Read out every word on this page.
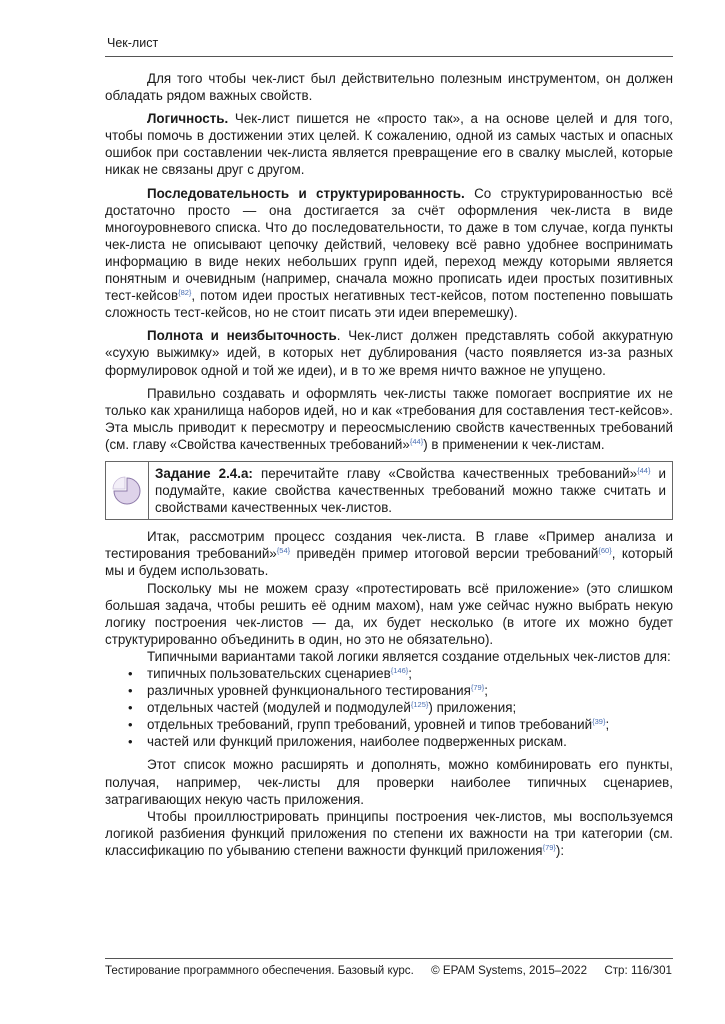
Чек-лист

Для того чтобы чек-лист был действительно полезным инструментом, он должен обладать рядом важных свойств.

Логичность. Чек-лист пишется не «просто так», а на основе целей и для того, чтобы помочь в достижении этих целей. К сожалению, одной из самых частых и опасных ошибок при составлении чек-листа является превращение его в свалку мыслей, которые никак не связаны друг с другом.

Последовательность и структурированность. Со структурированностью всё достаточно просто — она достигается за счёт оформления чек-листа в виде многоуровневого списка. Что до последовательности, то даже в том случае, когда пункты чек-листа не описывают цепочку действий, человеку всё равно удобнее воспринимать информацию в виде неких небольших групп идей, переход между которыми является понятным и очевидным (например, сначала можно прописать идеи простых позитивных тест-кейсов$^{\{82\}}$, потом идеи простых негативных тест-кейсов, потом постепенно повышать сложность тест-кейсов, но не стоит писать эти идеи вперемешку).

Полнота и неизбыточность. Чек-лист должен представлять собой аккуратную «сухую выжимку» идей, в которых нет дублирования (часто появляется из-за разных формулировок одной и той же идеи), и в то же время ничто важное не упущено.

Правильно создавать и оформлять чек-листы также помогает восприятие их не только как хранилища наборов идей, но и как «требования для составления тест-кейсов». Эта мысль приводит к пересмотру и переосмыслению свойств качественных требований (см. главу «Свойства качественных требований»$^{\{44\}}$) в применении к чек-листам.

Задание 2.4.a: перечитайте главу «Свойства качественных требований»$^{\{44\}}$ и подумайте, какие свойства качественных требований можно также считать и свойствами качественных чек-листов.

Итак, рассмотрим процесс создания чек-листа. В главе «Пример анализа и тестирования требований»$^{\{54\}}$ приведён пример итоговой версии требований$^{\{60\}}$, который мы и будем использовать.

Поскольку мы не можем сразу «протестировать всё приложение» (это слишком большая задача, чтобы решить её одним махом), нам уже сейчас нужно выбрать некую логику построения чек-листов — да, их будет несколько (в итоге их можно будет структурированно объединить в один, но это не обязательно).

Типичными вариантами такой логики является создание отдельных чек-листов для:

• типичных пользовательских сценариев$^{\{146\}}$;
• различных уровней функционального тестирования$^{\{79\}}$;
• отдельных частей (модулей и подмодулей$^{\{125\}}$) приложения;
• отдельных требований, групп требований, уровней и типов требований$^{\{39\}}$;
• частей или функций приложения, наиболее подверженных рискам.

Этот список можно расширять и дополнять, можно комбинировать его пункты, получая, например, чек-листы для проверки наиболее типичных сценариев, затрагивающих некую часть приложения.

Чтобы проиллюстрировать принципы построения чек-листов, мы воспользуемся логикой разбиения функций приложения по степени их важности на три категории (см. классификацию по убыванию степени важности функций приложения$^{\{79\}}$):

Тестирование программного обеспечения. Базовый курс. © EPAM Systems, 2015–2022 Стр: 116/301
